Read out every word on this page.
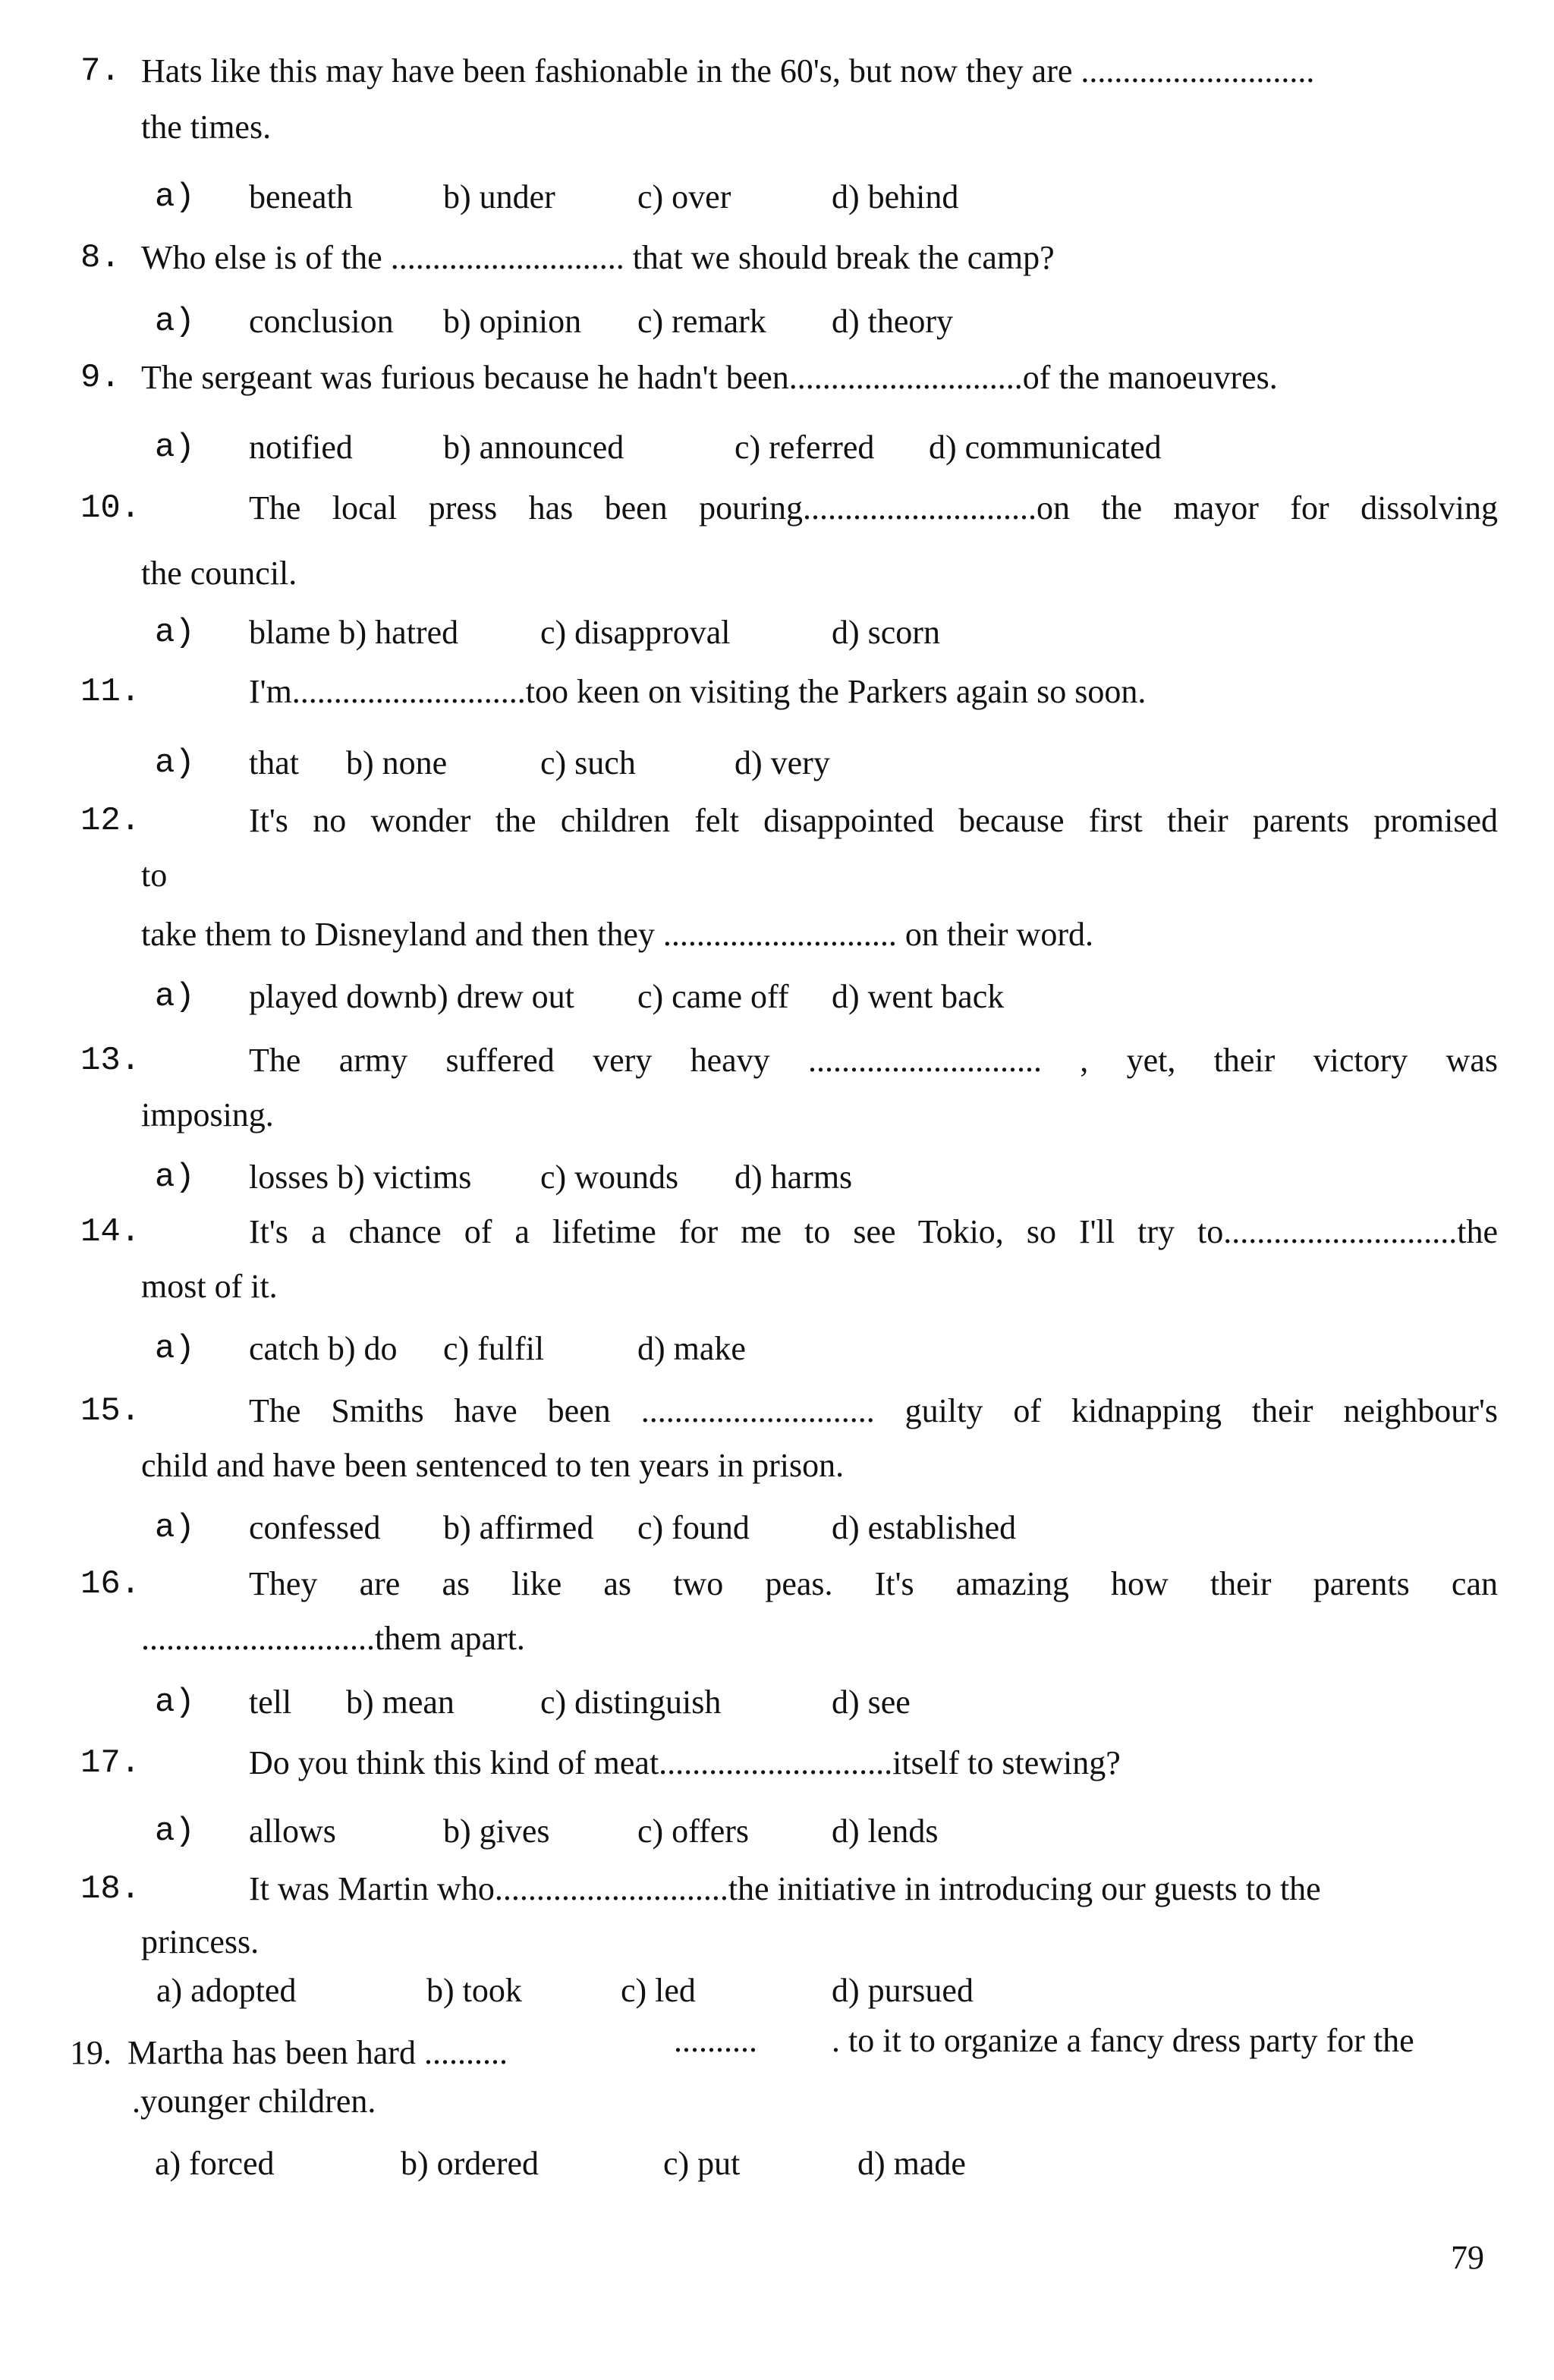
7. Hats like this may have been fashionable in the 60's, but now they are ............................
the times.
a) beneath	b) under c) over	d) behind
8. Who else is of the ............................ that we should break the camp?
a) conclusion b) opinion c) remark d) theory
9. The sergeant was furious because he hadn't been............................of the manoeuvres.
a) notified	b) announced	c) referred d) communicated
10.	The local press has been pouring............................on the mayor for dissolving
the council.
a) blame b) hatred c) disapproval	d) scorn
11.	I'm............................too keen on visiting the Parkers again so soon.
a) that b) none	c) such	d) very
12.	It's no wonder the children felt disappointed because first their parents promised
to
take them to Disneyland and then they ............................ on their word.
a) played downb) drew out c) came off d) went back
13.	The army suffered very heavy ............................ , yet, their victory was
imposing.
a) losses b) victims c) wounds d) harms
14.	It's a chance of a lifetime for me to see Tokio, so I'll try to............................the
most of it.
a) catch b) do c) fulfil	d) make
15.	The Smiths have been ............................ guilty of kidnapping their neighbour's
child and have been sentenced to ten years in prison.
a) confessed b) affirmed c) found d) established
16.	They are as like as two peas. It's amazing how their parents can
............................them apart.
a) tell b) mean	c) distinguish	d) see
17.	Do you think this kind of meat............................itself to stewing?
a) allows	b) gives	c) offers d) lends
18.	It was Martin who............................the initiative in introducing our guests to the
princess.
a) adopted	b) took	c) led	d) pursued
19. Martha has been hard ..........	.......... . to it to organize a fancy dress party for the
.younger children.
a) forced	b) ordered	c) put	d) made
79
